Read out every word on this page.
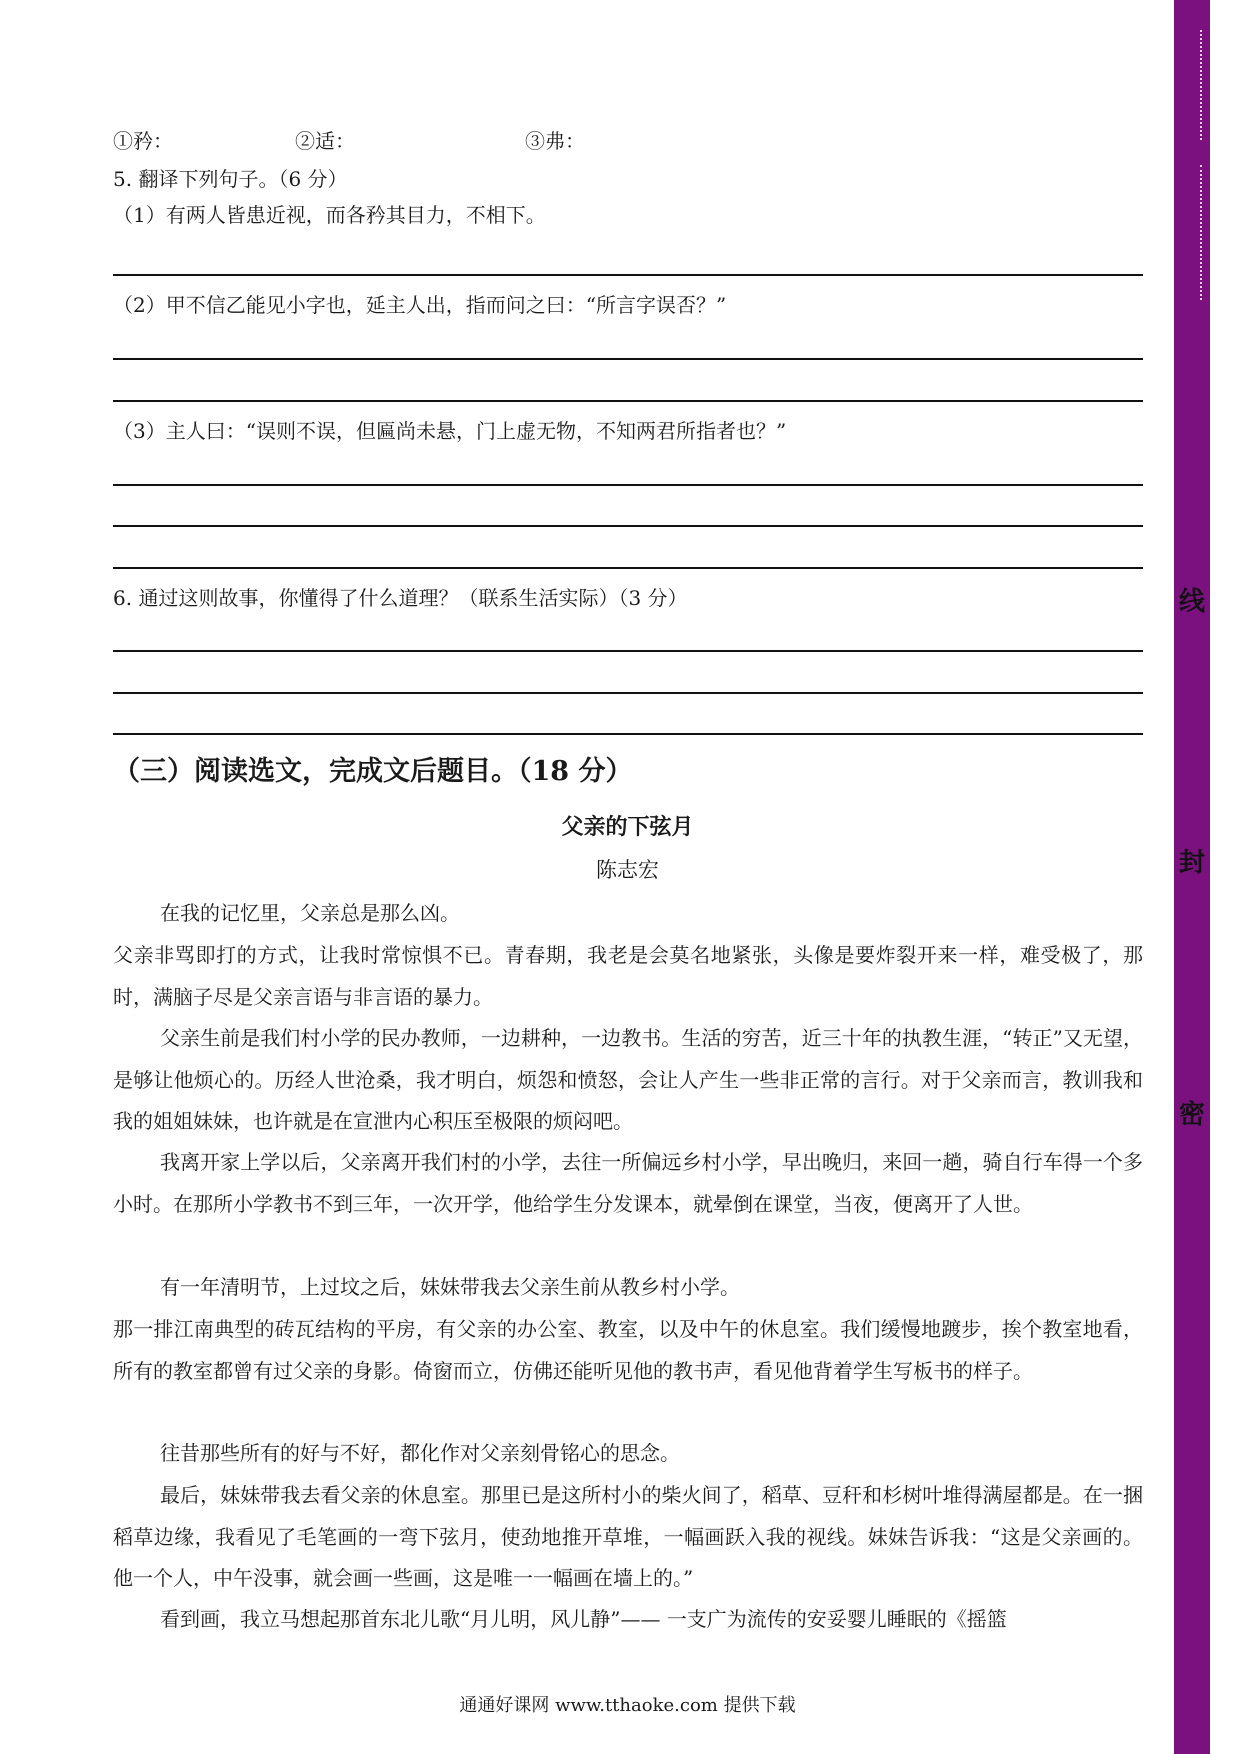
①矜：	②适：	③弗：
5. 翻译下列句子。（6 分）
（1）有两人皆患近视，而各矜其目力，不相下。
（2）甲不信乙能见小字也，延主人出，指而问之曰：“所言字误否？”
（3）主人曰：“误则不误，但匾尚未悬，门上虚无物，不知两君所指者也？”
6. 通过这则故事，你懂得了什么道理？（联系生活实际）（3 分）
（三）阅读选文，完成文后题目。（18 分）
父亲的下弦月
陈志宏
在我的记忆里，父亲总是那么凶。
父亲非骂即打的方式，让我时常惊惧不已。青春期，我老是会莫名地紧张，头像是要炸裂开来一样，难受极了，那时，满脑子尽是父亲言语与非言语的暴力。
父亲生前是我们村小学的民办教师，一边耕种，一边教书。生活的穷苦，近三十年的执教生涯，“转正”又无望，是够让他烦心的。历经人世沧桑，我才明白，烦怨和愤怒，会让人产生一些非正常的言行。对于父亲而言，教训我和我的姐姐妹妹，也许就是在宣泄内心积压至极限的烦闷吧。
我离开家上学以后，父亲离开我们村的小学，去往一所偏远乡村小学，早出晚归，来回一趟，骑自行车得一个多小时。在那所小学教书不到三年，一次开学，他给学生分发课本，就晕倒在课堂，当夜，便离开了人世。
有一年清明节，上过坟之后，妹妹带我去父亲生前从教乡村小学。
那一排江南典型的砖瓦结构的平房，有父亲的办公室、教室，以及中午的休息室。我们缓慢地踱步，挨个教室地看，所有的教室都曾有过父亲的身影。倚窗而立，仿佛还能听见他的教书声，看见他背着学生写板书的样子。
往昔那些所有的好与不好，都化作对父亲刻骨铭心的思念。
最后，妹妹带我去看父亲的休息室。那里已是这所村小的柴火间了，稻草、豆秆和杉树叶堆得满屋都是。在一捆稻草边缘，我看见了毛笔画的一弯下弦月，使劲地推开草堆，一幅画跃入我的视线。妹妹告诉我：“这是父亲画的。他一个人，中午没事，就会画一些画，这是唯一一幅画在墙上的。”
看到画，我立马想起那首东北儿歌“月儿明，风儿静”—— 一支广为流传的安妥婴儿睡眠的《摇篮
通通好课网 www.tthaoke.com 提供下载
线
封
密
